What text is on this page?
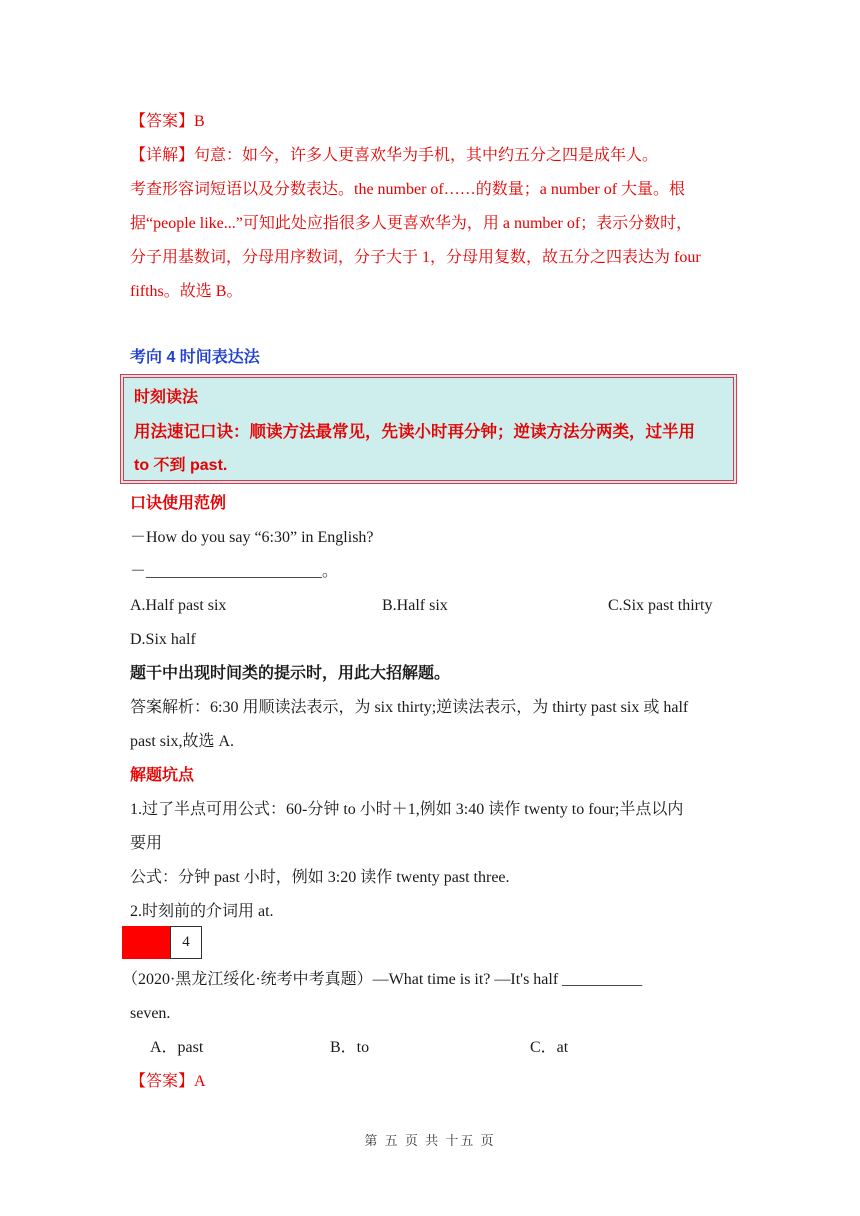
【答案】B
【详解】句意：如今，许多人更喜欢华为手机，其中约五分之四是成年人。
考查形容词短语以及分数表达。the number of……的数量；a number of 大量。根
据“people like...”可知此处应指很多人更喜欢华为，用 a number of；表示分数时，
分子用基数词，分母用序数词，分子大于 1，分母用复数，故五分之四表达为 four
fifths。故选 B。
考向 4 时间表达法
时刻读法
用法速记口诀：顺读方法最常见，先读小时再分钟；逆读方法分两类，过半用
to 不到 past.
口诀使用范例
－How do you say “6:30” in English?
－______________________。
A.Half past six	B.Half six	C.Six past thirty
D.Six half
题干中出现时间类的提示时，用此大招解题。
答案解析：6:30 用顺读法表示，为 six thirty;逆读法表示，为 thirty past six 或 half
past six,故选 A.
解题坑点
1.过了半点可用公式：60-分钟 to 小时＋1,例如 3:40 读作 twenty to four;半点以内
要用
公式：分钟 past 小时，例如 3:20 读作 twenty past three.
2.时刻前的介词用 at.
4
（2020·黑龙江绥化·统考中考真题）—What time is it? —It's half __________
seven.
A．past	B．to	C．at
【答案】A
第 五 页 共 十五 页
